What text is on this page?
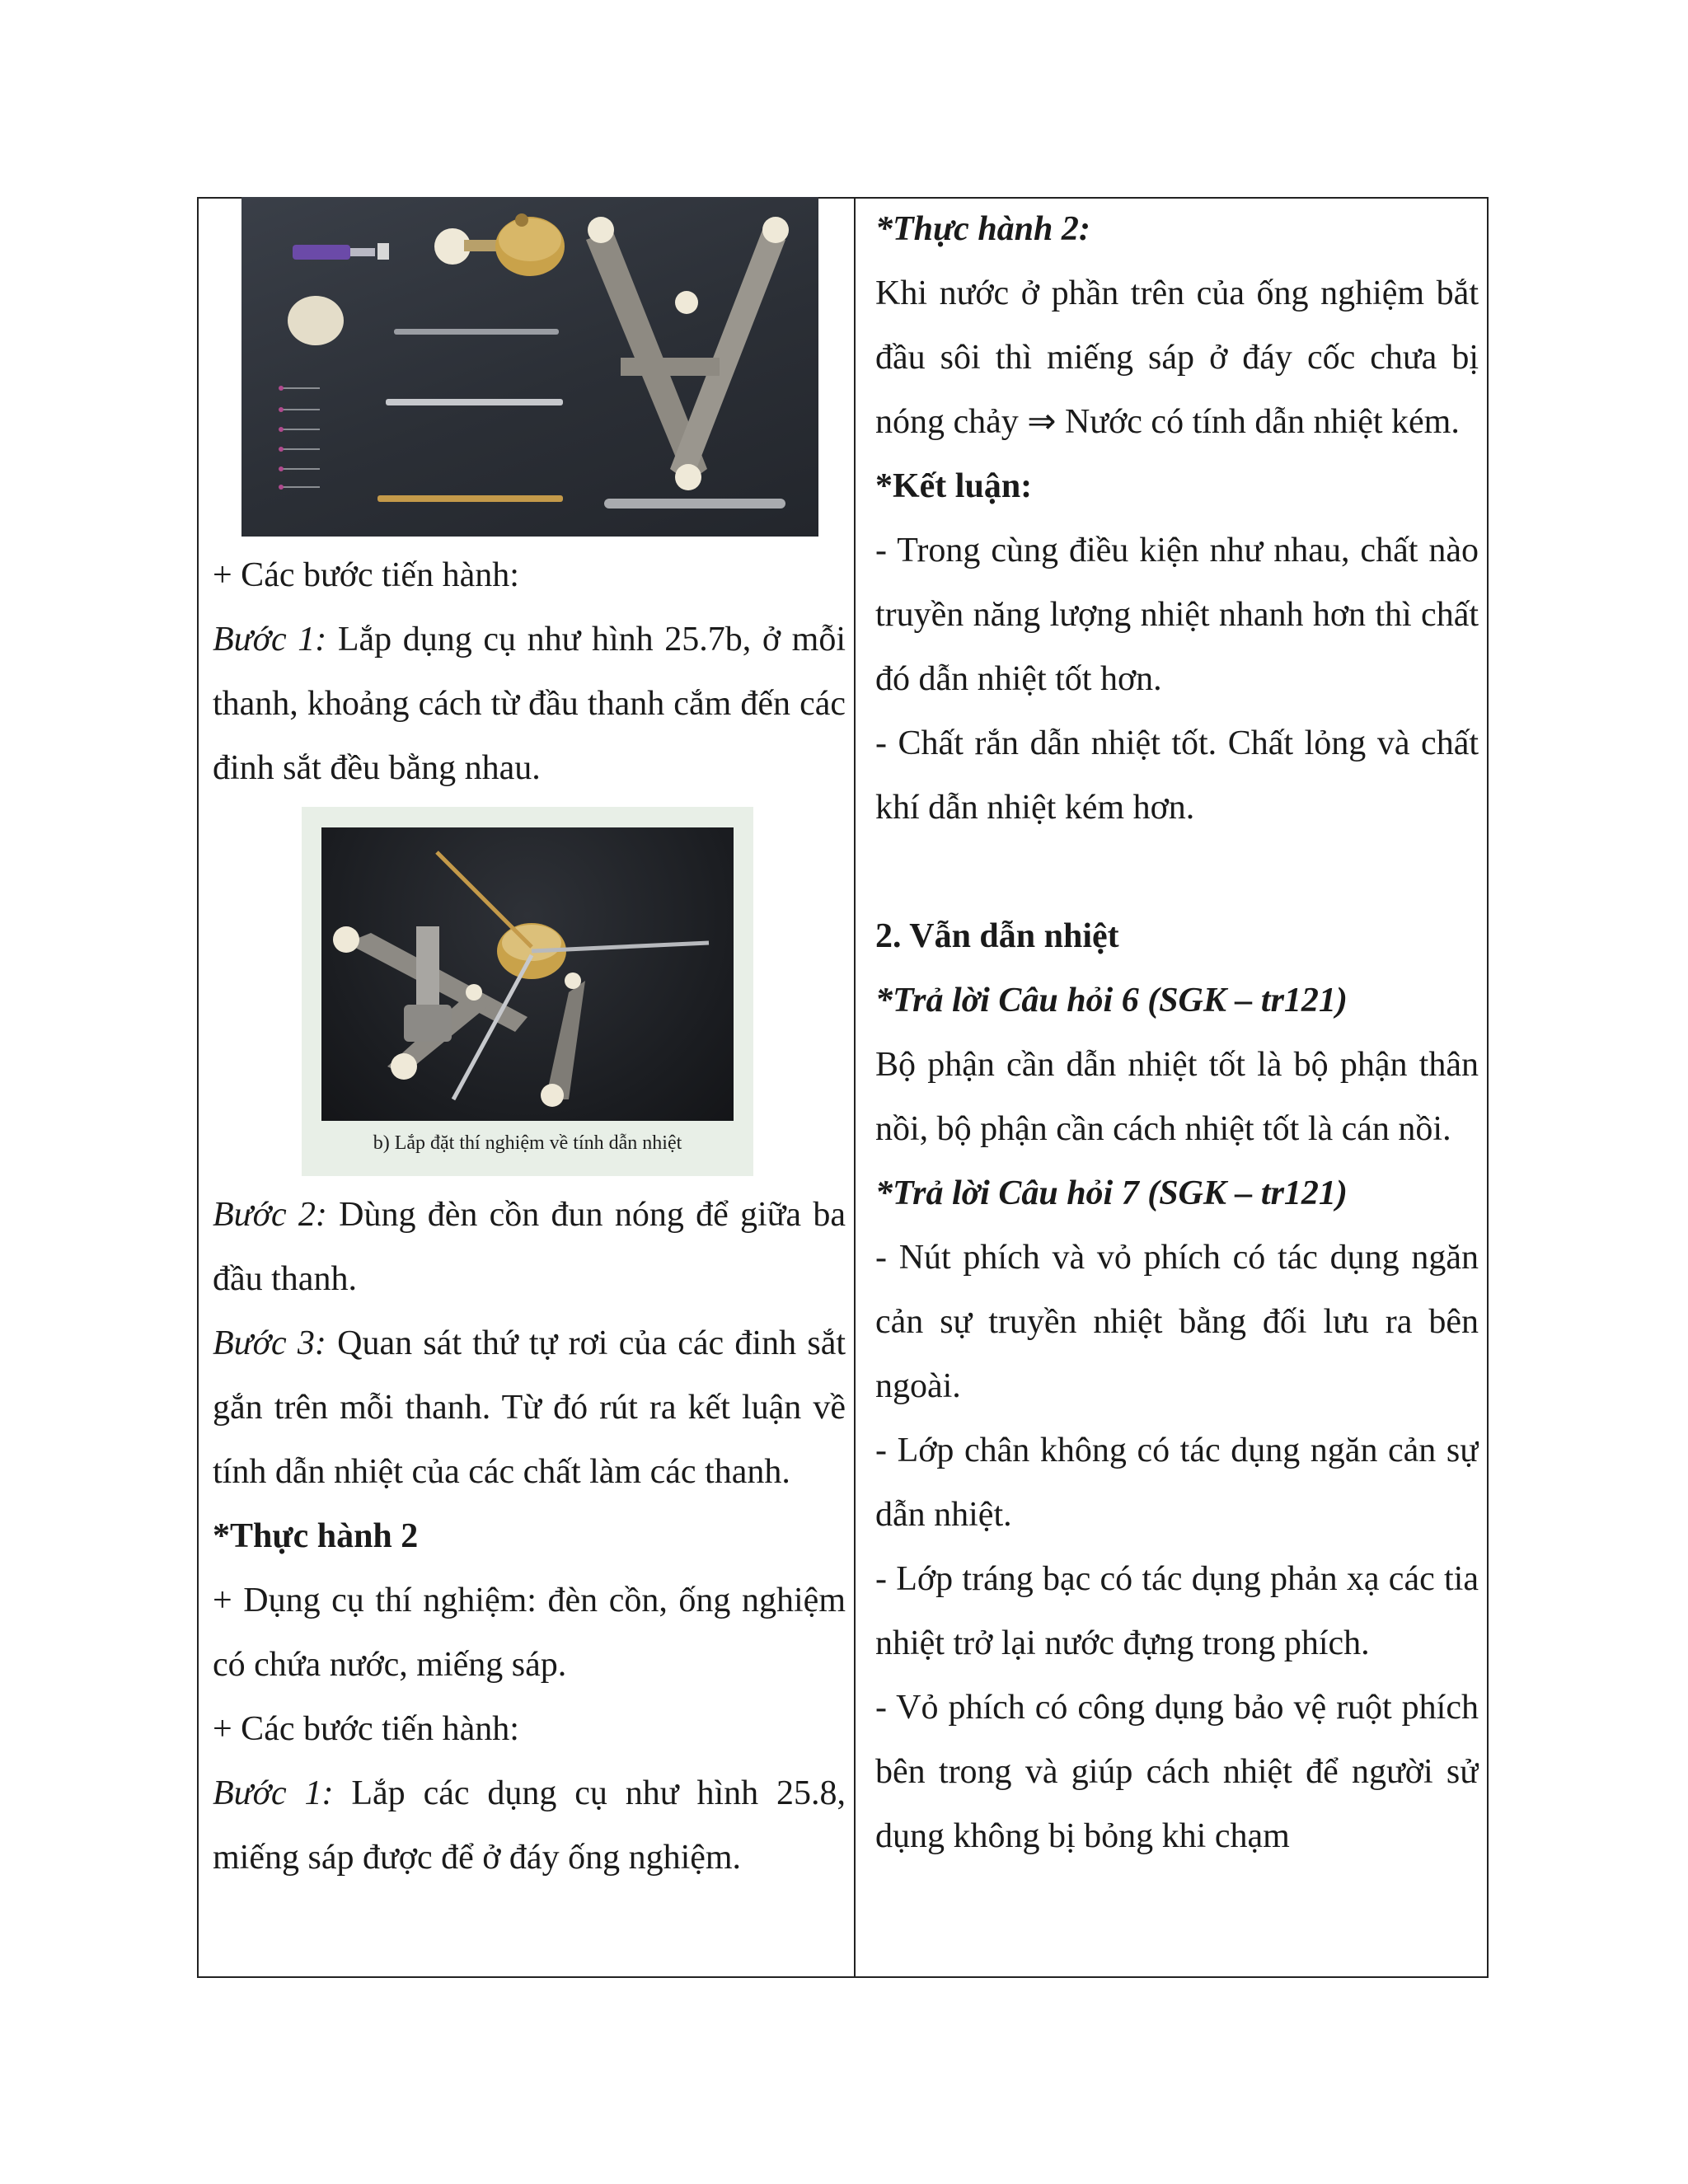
+ Các bước tiến hành:

Bước 1: Lắp dụng cụ như hình 25.7b, ở mỗi thanh, khoảng cách từ đầu thanh cắm đến các đinh sắt đều bằng nhau.

b) Lắp đặt thí nghiệm về tính dẫn nhiệt

Bước 2: Dùng đèn cồn đun nóng để giữa ba đầu thanh.

Bước 3: Quan sát thứ tự rơi của các đinh sắt gắn trên mỗi thanh. Từ đó rút ra kết luận về tính dẫn nhiệt của các chất làm các thanh.

*Thực hành 2

+ Dụng cụ thí nghiệm: đèn cồn, ống nghiệm có chứa nước, miếng sáp.

+ Các bước tiến hành:

Bước 1: Lắp các dụng cụ như hình 25.8, miếng sáp được để ở đáy ống nghiệm.

*Thực hành 2:

Khi nước ở phần trên của ống nghiệm bắt đầu sôi thì miếng sáp ở đáy cốc chưa bị nóng chảy ⇒ Nước có tính dẫn nhiệt kém.

*Kết luận:

- Trong cùng điều kiện như nhau, chất nào truyền năng lượng nhiệt nhanh hơn thì chất đó dẫn nhiệt tốt hơn.

- Chất rắn dẫn nhiệt tốt. Chất lỏng và chất khí dẫn nhiệt kém hơn.

2. Vẫn dẫn nhiệt

*Trả lời Câu hỏi 6 (SGK – tr121)

Bộ phận cần dẫn nhiệt tốt là bộ phận thân nồi, bộ phận cần cách nhiệt tốt là cán nồi.

*Trả lời Câu hỏi 7 (SGK – tr121)

- Nút phích và vỏ phích có tác dụng ngăn cản sự truyền nhiệt bằng đối lưu ra bên ngoài.

- Lớp chân không có tác dụng ngăn cản sự dẫn nhiệt.

- Lớp tráng bạc có tác dụng phản xạ các tia nhiệt trở lại nước đựng trong phích.

- Vỏ phích có công dụng bảo vệ ruột phích bên trong và giúp cách nhiệt để người sử dụng không bị bỏng khi chạm
